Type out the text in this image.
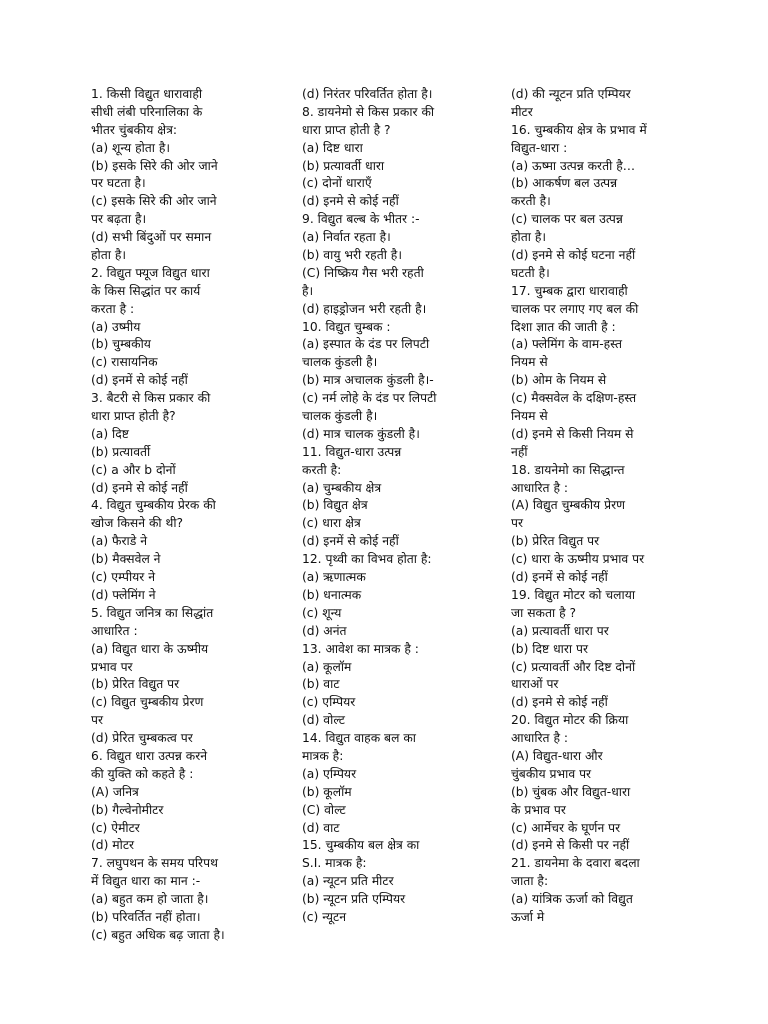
1. किसी विद्युत धारावाही
सीधी लंबी परिनालिका के
भीतर चुंबकीय क्षेत्र:
(a) शून्य होता है।
(b) इसके सिरे की ओर जाने
पर घटता है।
(c) इसके सिरे की ओर जाने
पर बढ़ता है।
(d) सभी बिंदुओं पर समान
होता है।
2. विद्युत फ्यूज विद्युत धारा
के किस सिद्धांत पर कार्य
करता है :
(a) उष्मीय
(b) चुम्बकीय
(c) रासायनिक
(d) इनमें से कोई नहीं
3. बैटरी से किस प्रकार की
धारा प्राप्त होती है?
(a) दिष्ट
(b) प्रत्यावर्ती
(c) a और b दोनों
(d) इनमे से कोई नहीं
4. विद्युत चुम्बकीय प्रेरक की
खोज किसने की थी?
(a) फैराडे ने
(b) मैक्सवेल ने
(c) एम्पीयर ने
(d) फ्लेमिंग ने
5. विद्युत जनित्र का सिद्धांत
आधारित :
(a) विद्युत धारा के ऊष्मीय
प्रभाव पर
(b) प्रेरित विद्युत पर
(c) विद्युत चुम्बकीय प्रेरण
पर
(d) प्रेरित चुम्बकत्व पर
6. विद्युत धारा उत्पन्न करने
की युक्ति को कहते है :
(A) जनित्र
(b) गैल्वेनोमीटर
(c) ऐमीटर
(d) मोटर
7. लघुपथन के समय परिपथ
में विद्युत धारा का मान :-
(a) बहुत कम हो जाता है।
(b) परिवर्तित नहीं होता।
(c) बहुत अधिक बढ़ जाता है।
(d) निरंतर परिवर्तित होता है।
8. डायनेमो से किस प्रकार की
धारा प्राप्त होती है ?
(a) दिष्ट धारा
(b) प्रत्यावर्ती धारा
(c) दोनों धाराएँ
(d) इनमे से कोई नहीं
9. विद्युत बल्ब के भीतर :-
(a) निर्वात रहता है।
(b) वायु भरी रहती है।
(C) निष्क्रिय गैस भरी रहती
है।
(d) हाइड्रोजन भरी रहती है।
10. विद्युत चुम्बक :
(a) इस्पात के दंड पर लिपटी
चालक कुंडली है।
(b) मात्र अचालक कुंडली है।-
(c) नर्म लोहे के दंड पर लिपटी
चालक कुंडली है।
(d) मात्र चालक कुंडली है।
11. विद्युत-धारा उत्पन्न
करती है:
(a) चुम्बकीय क्षेत्र
(b) विद्युत क्षेत्र
(c) धारा क्षेत्र
(d) इनमें से कोई नहीं
12. पृथ्वी का विभव होता है:
(a) ऋणात्मक
(b) धनात्मक
(c) शून्य
(d) अनंत
13. आवेश का मात्रक है :
(a) कूलॉम
(b) वाट
(c) एम्पियर
(d) वोल्ट
14. विद्युत वाहक बल का
मात्रक है:
(a) एम्पियर
(b) कूलॉम
(C) वोल्ट
(d) वाट
15. चुम्बकीय बल क्षेत्र का
S.I. मात्रक है:
(a) न्यूटन प्रति मीटर
(b) न्यूटन प्रति एम्पियर
(c) न्यूटन
(d) की न्यूटन प्रति एम्पियर
मीटर
16. चुम्बकीय क्षेत्र के प्रभाव में
विद्युत-धारा :
(a) ऊष्मा उत्पन्न करती है…
(b) आकर्षण बल उत्पन्न
करती है।
(c) चालक पर बल उत्पन्न
होता है।
(d) इनमे से कोई घटना नहीं
घटती है।
17. चुम्बक द्वारा धारावाही
चालक पर लगाए गए बल की
दिशा ज्ञात की जाती है :
(a) फ्लेमिंग के वाम-हस्त
नियम से
(b) ओम के नियम से
(c) मैक्सवेल के दक्षिण-हस्त
नियम से
(d) इनमे से किसी नियम से
नहीं
18. डायनेमो का सिद्धान्त
आधारित है :
(A) विद्युत चुम्बकीय प्रेरण
पर
(b) प्रेरित विद्युत पर
(c) धारा के ऊष्मीय प्रभाव पर
(d) इनमें से कोई नहीं
19. विद्युत मोटर को चलाया
जा सकता है ?
(a) प्रत्यावर्ती धारा पर
(b) दिष्ट धारा पर
(c) प्रत्यावर्ती और दिष्ट दोनों
धाराओं पर
(d) इनमे से कोई नहीं
20. विद्युत मोटर की क्रिया
आधारित है :
(A) विद्युत-धारा और
चुंबकीय प्रभाव पर
(b) चुंबक और विद्युत-धारा
के प्रभाव पर
(c) आर्मेचर के घूर्णन पर
(d) इनमे से किसी पर नहीं
21. डायनेमा के दवारा बदला
जाता है:
(a) यांत्रिक ऊर्जा को विद्युत
ऊर्जा मे
